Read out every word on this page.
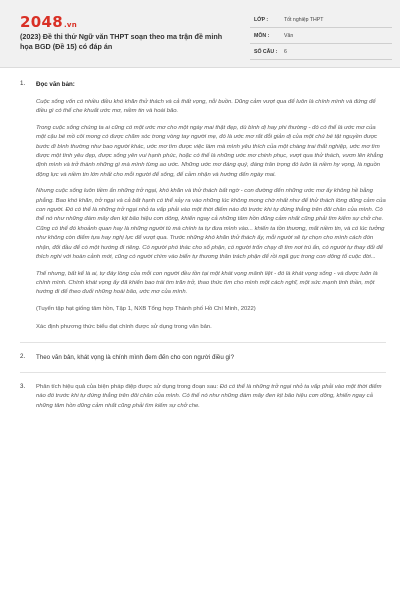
2048.vn
(2023) Đề thi thử Ngữ văn THPT soạn theo ma trận đề minh họa BGD (Đề 15) có đáp án
LỚP :	Tốt nghiệp THPT
MÔN :	Văn
SỐ CÂU : 6
1. Đọc văn bản:

Cuộc sống vốn có nhiều điều khó khăn thử thách và cả thất vọng, nỗi buồn. Dũng cảm vượt qua để luôn là chính mình và đứng để điều gì có thể che khuất ước mơ, niềm tin và hoài bão.

Trong cuộc sống chúng ta ai cũng có một ước mơ cho một ngày mai thật đẹp, dù bình dị hay phi thường - đó có thể là ước mơ của một cậu bé mồ côi mong có được chăm sóc trong vòng tay người mẹ, đó là ước mơ rất đỗi giản dị của một chú bé tật nguyền được bước đi bình thường như bao người khác, ước mơ tìm được việc làm mà mình yêu thích của một chàng trai thất nghiệp, ước mơ tìm được một tình yêu đẹp, được sống yên vui hạnh phúc, hoặc có thể là những ước mơ chinh phục, vượt qua thử thách, vươn lên khẳng định mình và trở thành những gì mà mình từng ao ước. Những ước mơ đáng quý, đáng trân trọng đó luôn là niềm hy vọng, là nguồn động lực và niềm tin lớn nhất cho mỗi người để sống, để cảm nhận và hướng đến ngày mai.

Nhưng cuộc sống luôn tiềm ẩn những trở ngại, khó khăn và thử thách bất ngờ - con đường đến những ước mơ ấy không hề bằng phẳng. Bao khó khăn, trở ngại và cả bất hạnh có thể xảy ra vào những lúc không mong chờ nhất như để thử thách lòng dũng cảm của con người. Đó có thể là những trở ngại nhỏ ta vấp phải vào một thời điểm nào đó trước khi tự đứng thẳng trên đôi chân của mình. Có thể nó như những đám mây đen kịt bão hiệu cơn dông, khiến ngay cả những tâm hồn dũng cảm nhất cũng phải tìm kiếm sự chở che. Cũng có thể đó khoảnh quan hay là những người tù mà chính ta tự đưa mình vào... khiến ta tồn thương, mất niềm tin, và có lúc tưởng như không còn điểm tựa hay nghị lực để vượt qua. Trước những khó khăn thử thách ấy, mỗi người sẽ tự chọn cho mình cách đón nhận, đối đầu để có một hướng đi riêng. Có người phó thác cho số phận, có người trốn chạy đi tìm nơi trú ẩn, có người tự thay đổi để thích nghi với hoàn cảnh mới, cũng có người chìm vào biển tự thương thân trách phận để rồi ngã gục trong con dông tố cuộc đời...

Thế nhưng, bất kể là ai, tự đáy lòng của mỗi con người đều tồn tại một khát vọng mãnh liệt - đó là khát vọng sống - và được luôn là chính mình. Chính khát vọng ấy đã khiến bao trái tim trăn trở, thao thức tìm cho mình một cách nghĩ, một sức mạnh tinh thần, một hướng đi để theo đuổi những hoài bão, ước mơ của mình.

(Tuyển tập hạt giống tâm hồn, Tập 1, NXB Tổng hợp Thành phố Hồ Chí Minh, 2022)
Xác định phương thức biểu đạt chính được sử dụng trong văn bản.
2. Theo văn bản, khát vọng là chính mình đem đến cho con người điều gì?
3. Phân tích hiệu quả của biện pháp điệp được sử dụng trong đoạn sau: Đó có thể là những trở ngại nhỏ ta vấp phải vào một thời điểm nào đó trước khi tự đứng thẳng trên đôi chân của mình. Có thể nó như những đám mây đen kịt bão hiệu cơn dông, khiến ngay cả những tâm hồn dũng cảm nhất cũng phải tìm kiếm sự chở che.
